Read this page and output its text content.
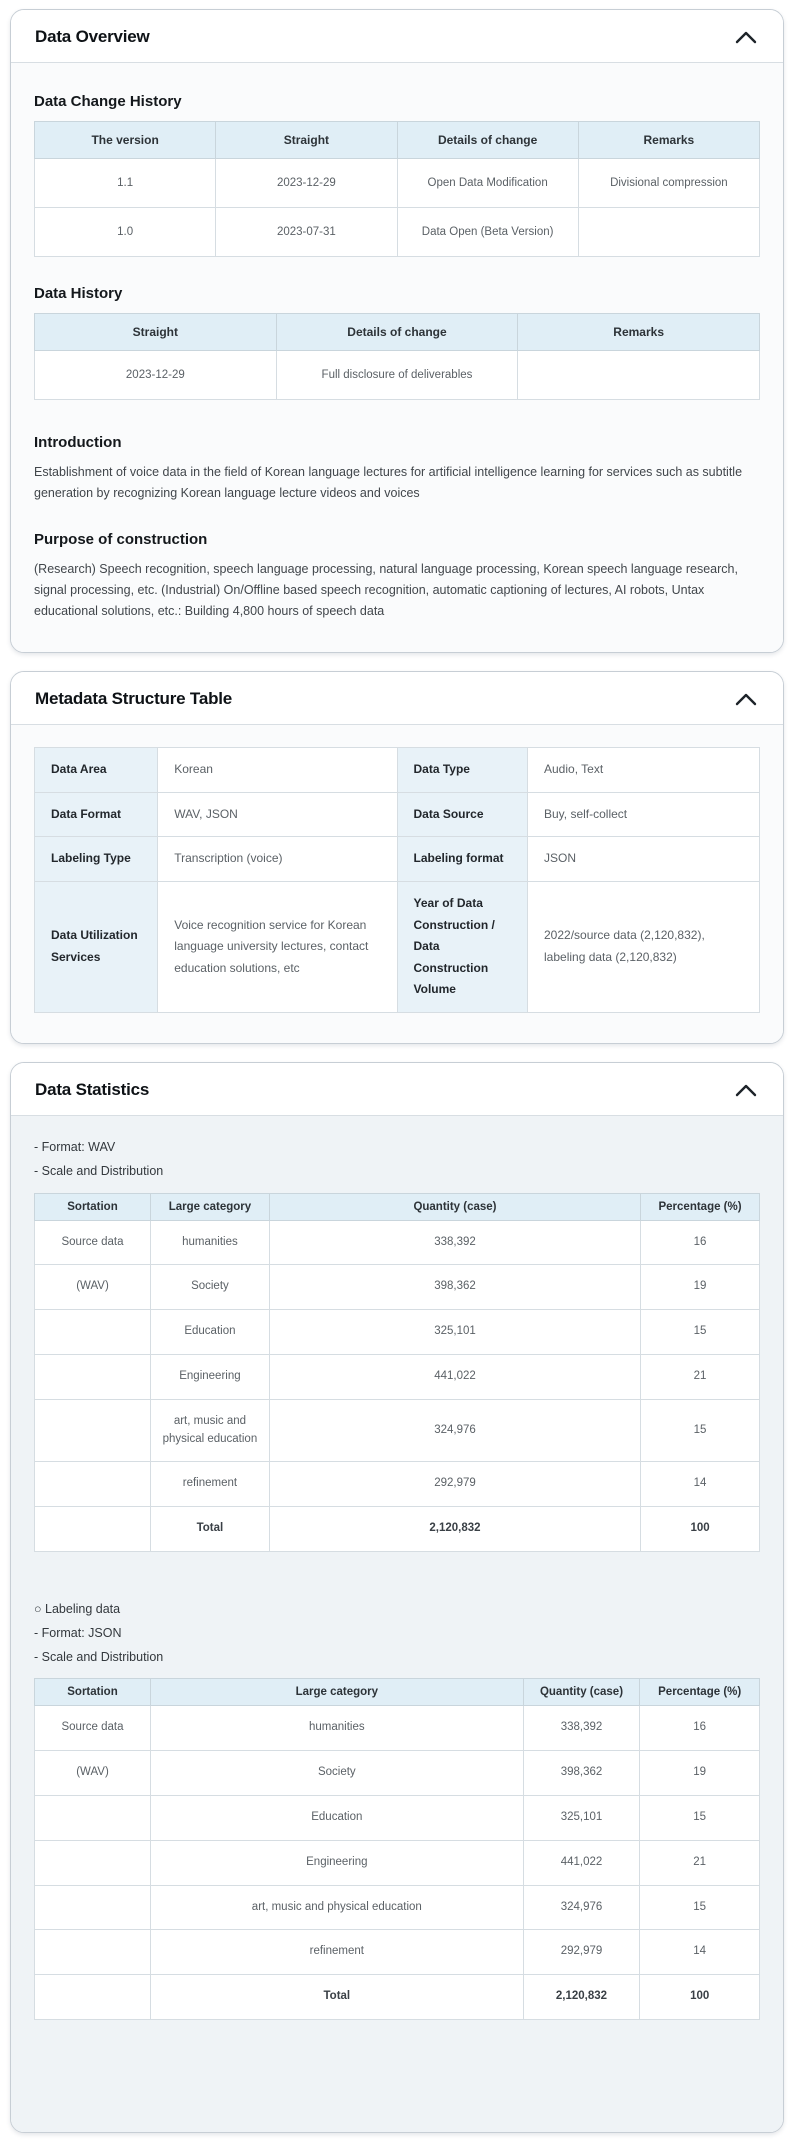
Data Overview
Data Change History
The version	Straight	Details of change	Remarks
1.1	2023-12-29	Open Data Modification	Divisional compression
1.0	2023-07-31	Data Open (Beta Version)	
Data History
Straight	Details of change	Remarks
2023-12-29	Full disclosure of deliverables	
Introduction

Establishment of voice data in the field of Korean language lectures for artificial intelligence learning for services such as subtitle generation by recognizing Korean language lecture videos and voices

Purpose of construction

(Research) Speech recognition, speech language processing, natural language processing, Korean speech language research, signal processing, etc. (Industrial) On/Offline based speech recognition, automatic captioning of lectures, AI robots, Untax educational solutions, etc.: Building 4,800 hours of speech data

Metadata Structure Table
Data Area	Korean	Data Type	Audio, Text
Data Format	WAV, JSON	Data Source	Buy, self-collect
Labeling Type	Transcription (voice)	Labeling format	JSON
Data Utilization Services	Voice recognition service for Korean language university lectures, contact education solutions, etc	Year of Data Construction / Data Construction Volume	2022/source data (2,120,832), labeling data (2,120,832)
Data Statistics
- Format: WAV
- Scale and Distribution
Sortation	Large category	Quantity (case)	Percentage (%)
Source data	humanities	338,392	16
(WAV)	Society	398,362	19
	Education	325,101	15
	Engineering	441,022	21
	art, music and physical education	324,976	15
	refinement	292,979	14
	Total	2,120,832	100
○ Labeling data
- Format: JSON
- Scale and Distribution
Sortation	Large category	Quantity (case)	Percentage (%)
Source data	humanities	338,392	16
(WAV)	Society	398,362	19
	Education	325,101	15
	Engineering	441,022	21
	art, music and physical education	324,976	15
	refinement	292,979	14
	Total	2,120,832	100
